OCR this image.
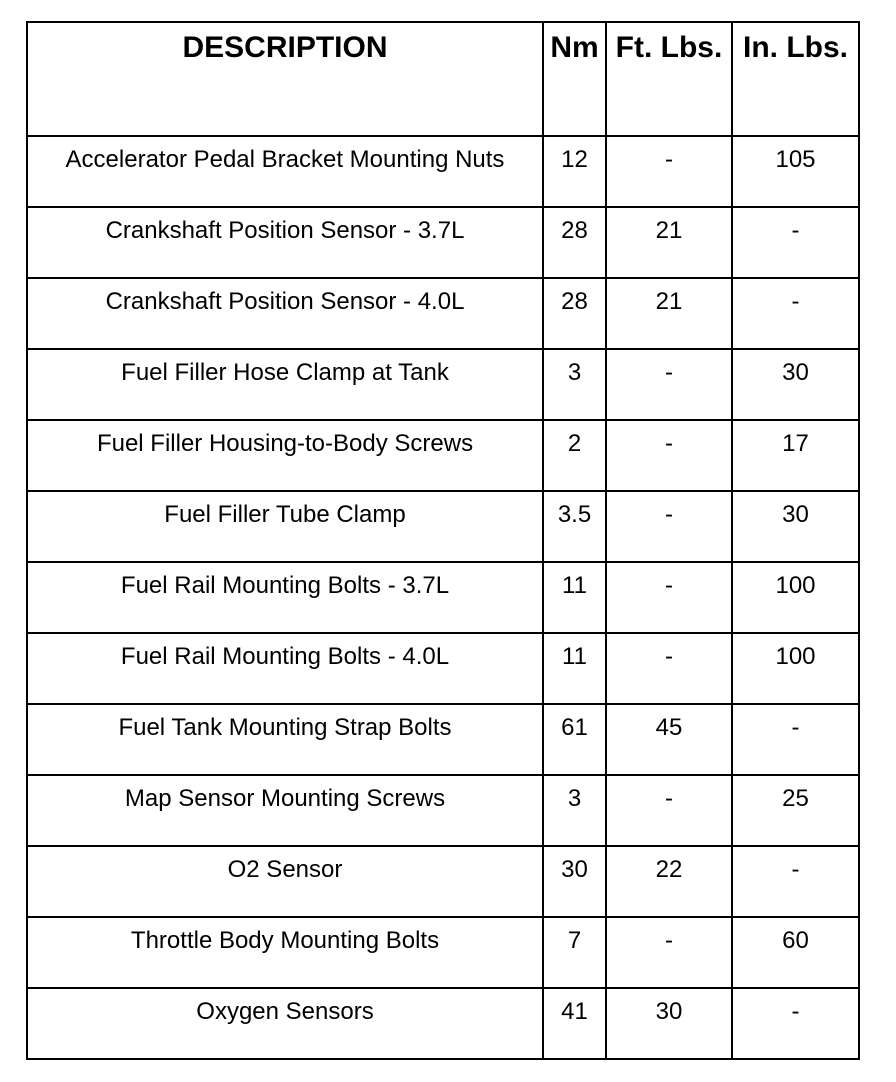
DESCRIPTION	Nm	Ft. Lbs.	In. Lbs.
Accelerator Pedal Bracket Mounting Nuts	12	-	105
Crankshaft Position Sensor - 3.7L	28	21	-
Crankshaft Position Sensor - 4.0L	28	21	-
Fuel Filler Hose Clamp at Tank	3	-	30
Fuel Filler Housing-to-Body Screws	2	-	17
Fuel Filler Tube Clamp	3.5	-	30
Fuel Rail Mounting Bolts - 3.7L	11	-	100
Fuel Rail Mounting Bolts - 4.0L	11	-	100
Fuel Tank Mounting Strap Bolts	61	45	-
Map Sensor Mounting Screws	3	-	25
O2 Sensor	30	22	-
Throttle Body Mounting Bolts	7	-	60
Oxygen Sensors	41	30	-
